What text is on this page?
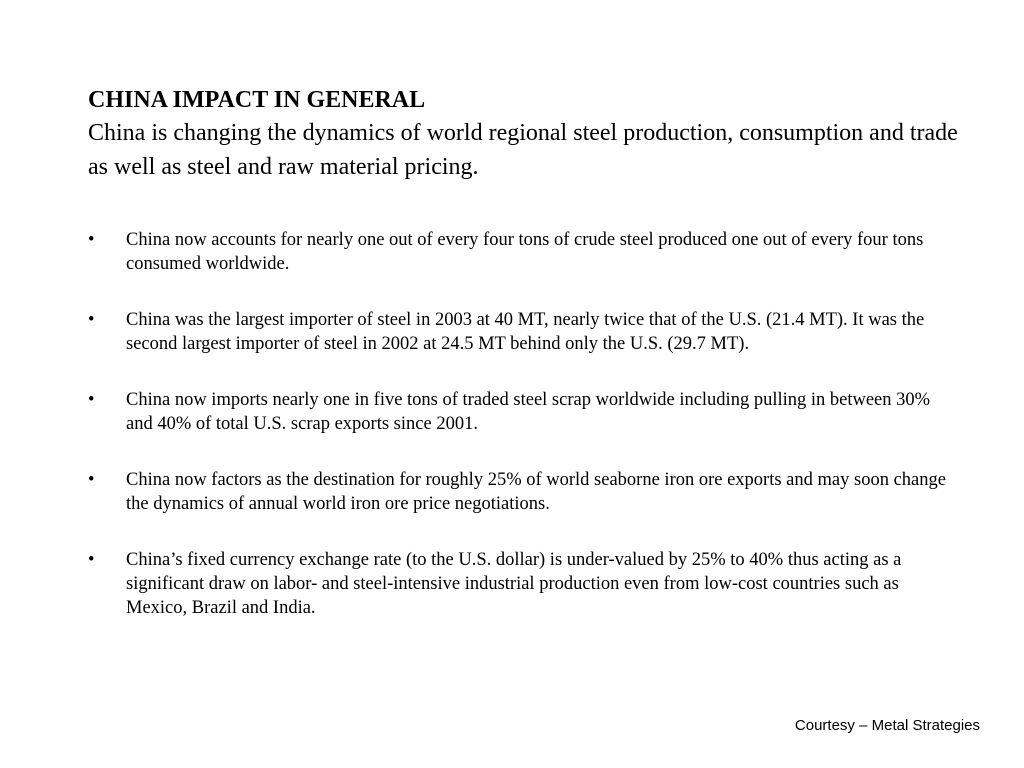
CHINA IMPACT IN GENERAL

China is changing the dynamics of world regional steel production, consumption and trade as well as steel and raw material pricing.

•	China now accounts for nearly one out of every four tons of crude steel produced one out of every four tons consumed worldwide.
•	China was the largest importer of steel in 2003 at 40 MT, nearly twice that of the U.S. (21.4 MT). It was the second largest importer of steel in 2002 at 24.5 MT behind only the U.S. (29.7 MT).
•	China now imports nearly one in five tons of traded steel scrap worldwide including pulling in between 30% and 40% of total U.S. scrap exports since 2001.
•	China now factors as the destination for roughly 25% of world seaborne iron ore exports and may soon change the dynamics of annual world iron ore price negotiations.
•	China’s fixed currency exchange rate (to the U.S. dollar) is under-valued by 25% to 40% thus acting as a significant draw on labor- and steel-intensive industrial production even from low-cost countries such as Mexico, Brazil and India.
Courtesy – Metal Strategies
